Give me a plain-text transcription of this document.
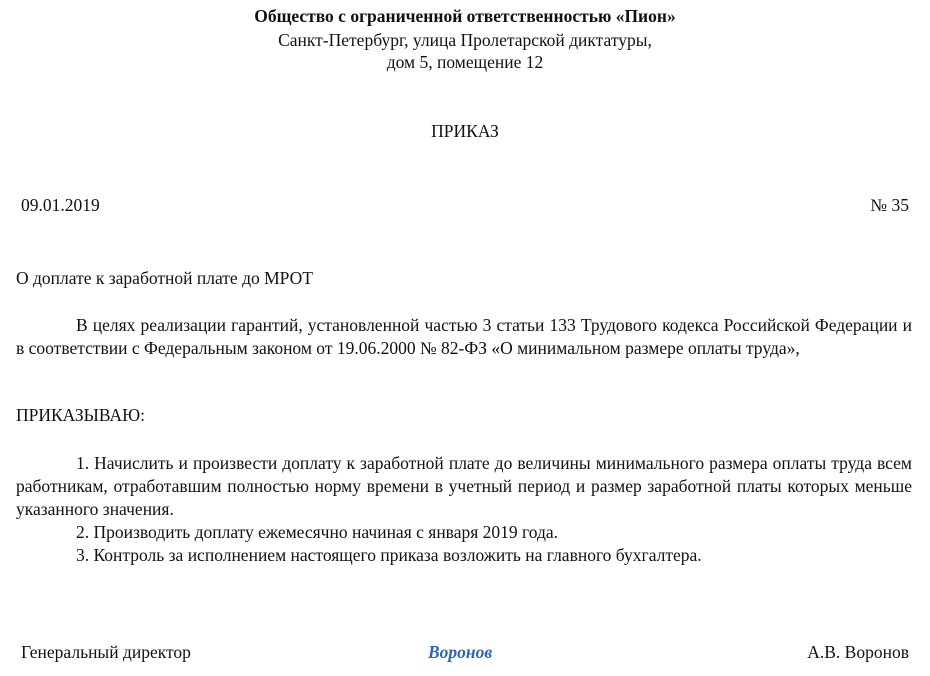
Общество с ограниченной ответственностью «Пион»
Санкт-Петербург, улица Пролетарской диктатуры,
дом 5, помещение 12
ПРИКАЗ
09.01.2019	№ 35
О доплате к заработной плате до МРОТ
В целях реализации гарантий, установленной частью 3 статьи 133 Трудового кодекса Российской Федерации и в соответствии с Федеральным законом от 19.06.2000 № 82-ФЗ «О минимальном размере оплаты труда»,
ПРИКАЗЫВАЮ:
1. Начислить и произвести доплату к заработной плате до величины минимального размера оплаты труда всем работникам, отработавшим полностью норму времени в учетный период и размер заработной платы которых меньше указанного значения.
2. Производить доплату ежемесячно начиная с января 2019 года.
3. Контроль за исполнением настоящего приказа возложить на главного бухгалтера.
Генеральный директор	Воронов	А.В. Воронов
